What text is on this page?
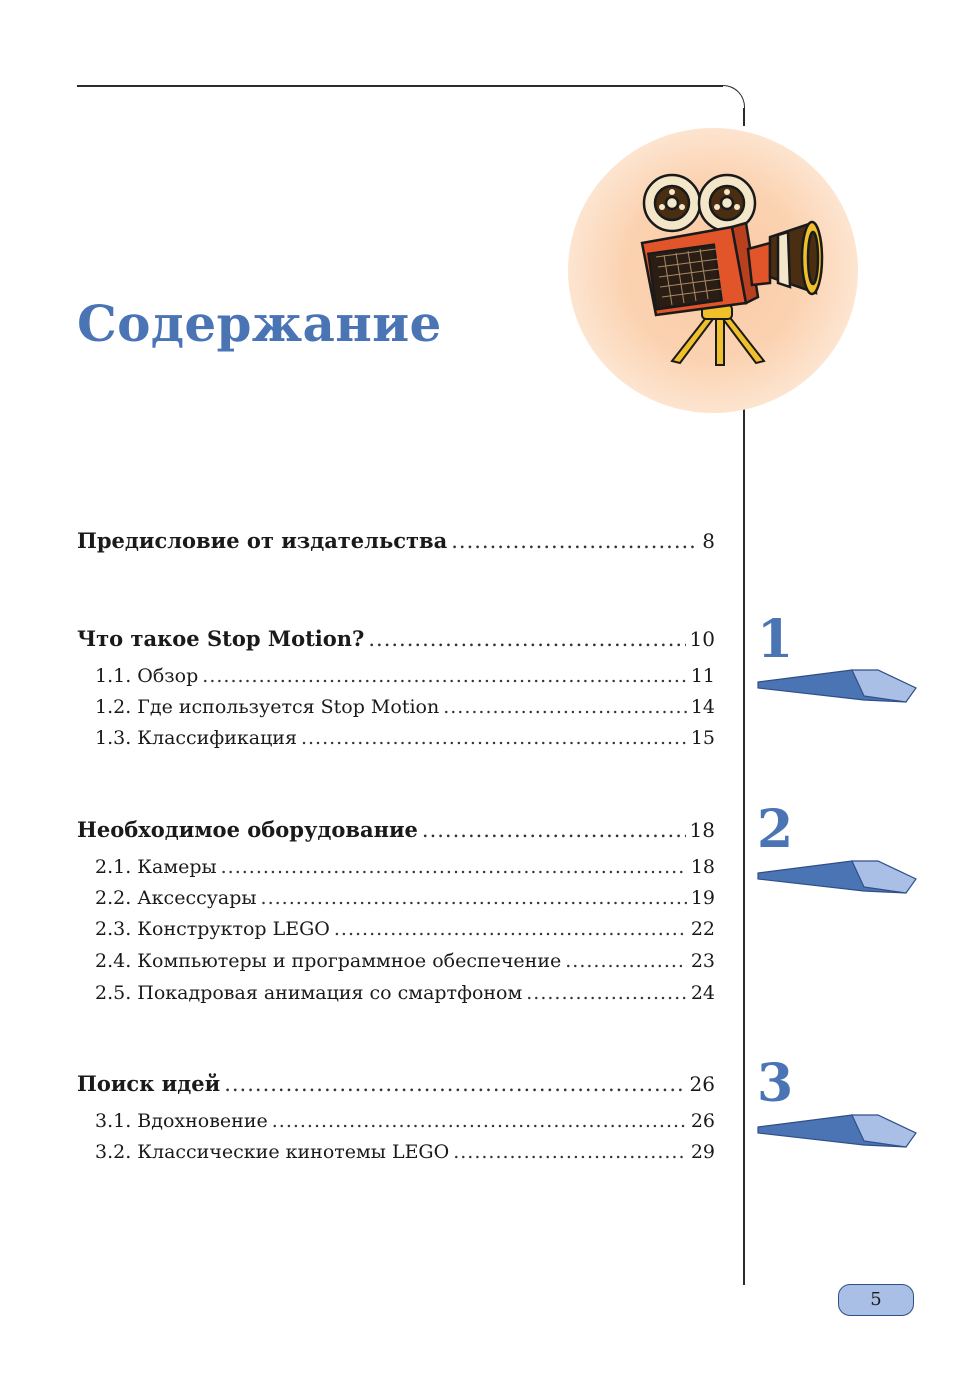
Содержание
Предисловие от издательства .....	8
Что такое Stop Motion? .....	10
1.1. Обзор .....	11
1.2. Где используется Stop Motion .....	14
1.3. Классификация .....	15
Необходимое оборудование .....	18
2.1. Камеры .....	18
2.2. Аксессуары .....	19
2.3. Конструктор LEGO .....	22
2.4. Компьютеры и программное обеспечение .....	23
2.5. Покадровая анимация со смартфоном .....	24
Поиск идей .....	26
3.1. Вдохновение .....	26
3.2. Классические кинотемы LEGO .....	29
1
2
3
5
